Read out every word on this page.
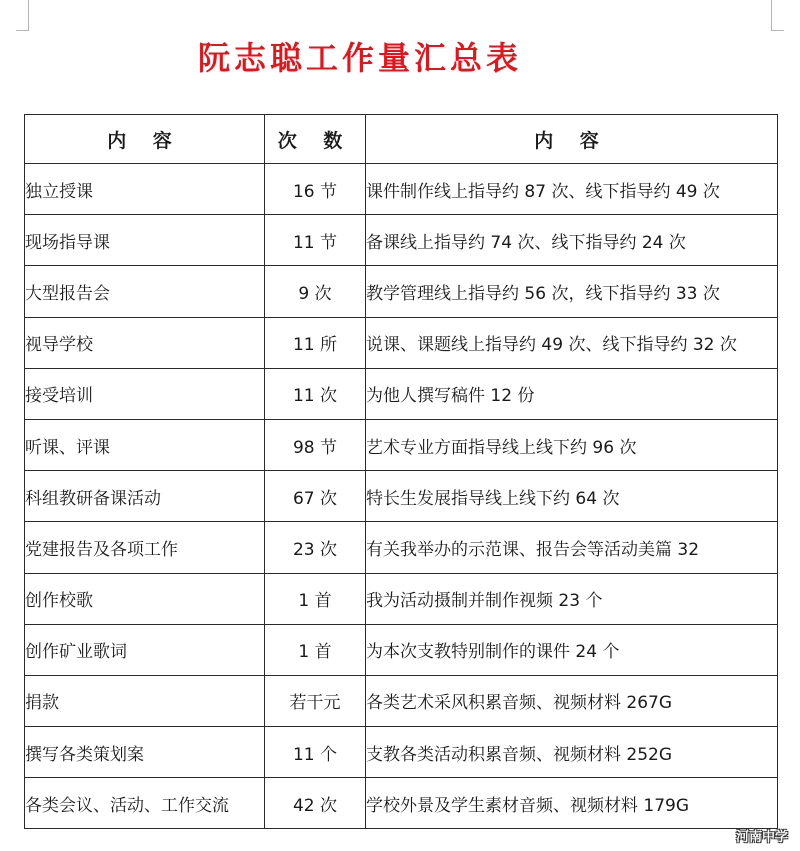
阮志聪工作量汇总表
内 容	次 数	内 容
独立授课	16 节	课件制作线上指导约 87 次、线下指导约 49 次
现场指导课	11 节	备课线上指导约 74 次、线下指导约 24 次
大型报告会	9 次	教学管理线上指导约 56 次，线下指导约 33 次
视导学校	11 所	说课、课题线上指导约 49 次、线下指导约 32 次
接受培训	11 次	为他人撰写稿件 12 份
听课、评课	98 节	艺术专业方面指导线上线下约 96 次
科组教研备课活动	67 次	特长生发展指导线上线下约 64 次
党建报告及各项工作	23 次	有关我举办的示范课、报告会等活动美篇 32
创作校歌	1 首	我为活动摄制并制作视频 23 个
创作矿业歌词	1 首	为本次支教特别制作的课件 24 个
捐款	若干元	各类艺术采风积累音频、视频材料 267G
撰写各类策划案	11 个	支教各类活动积累音频、视频材料 252G
各类会议、活动、工作交流	42 次	学校外景及学生素材音频、视频材料 179G
河南中学
